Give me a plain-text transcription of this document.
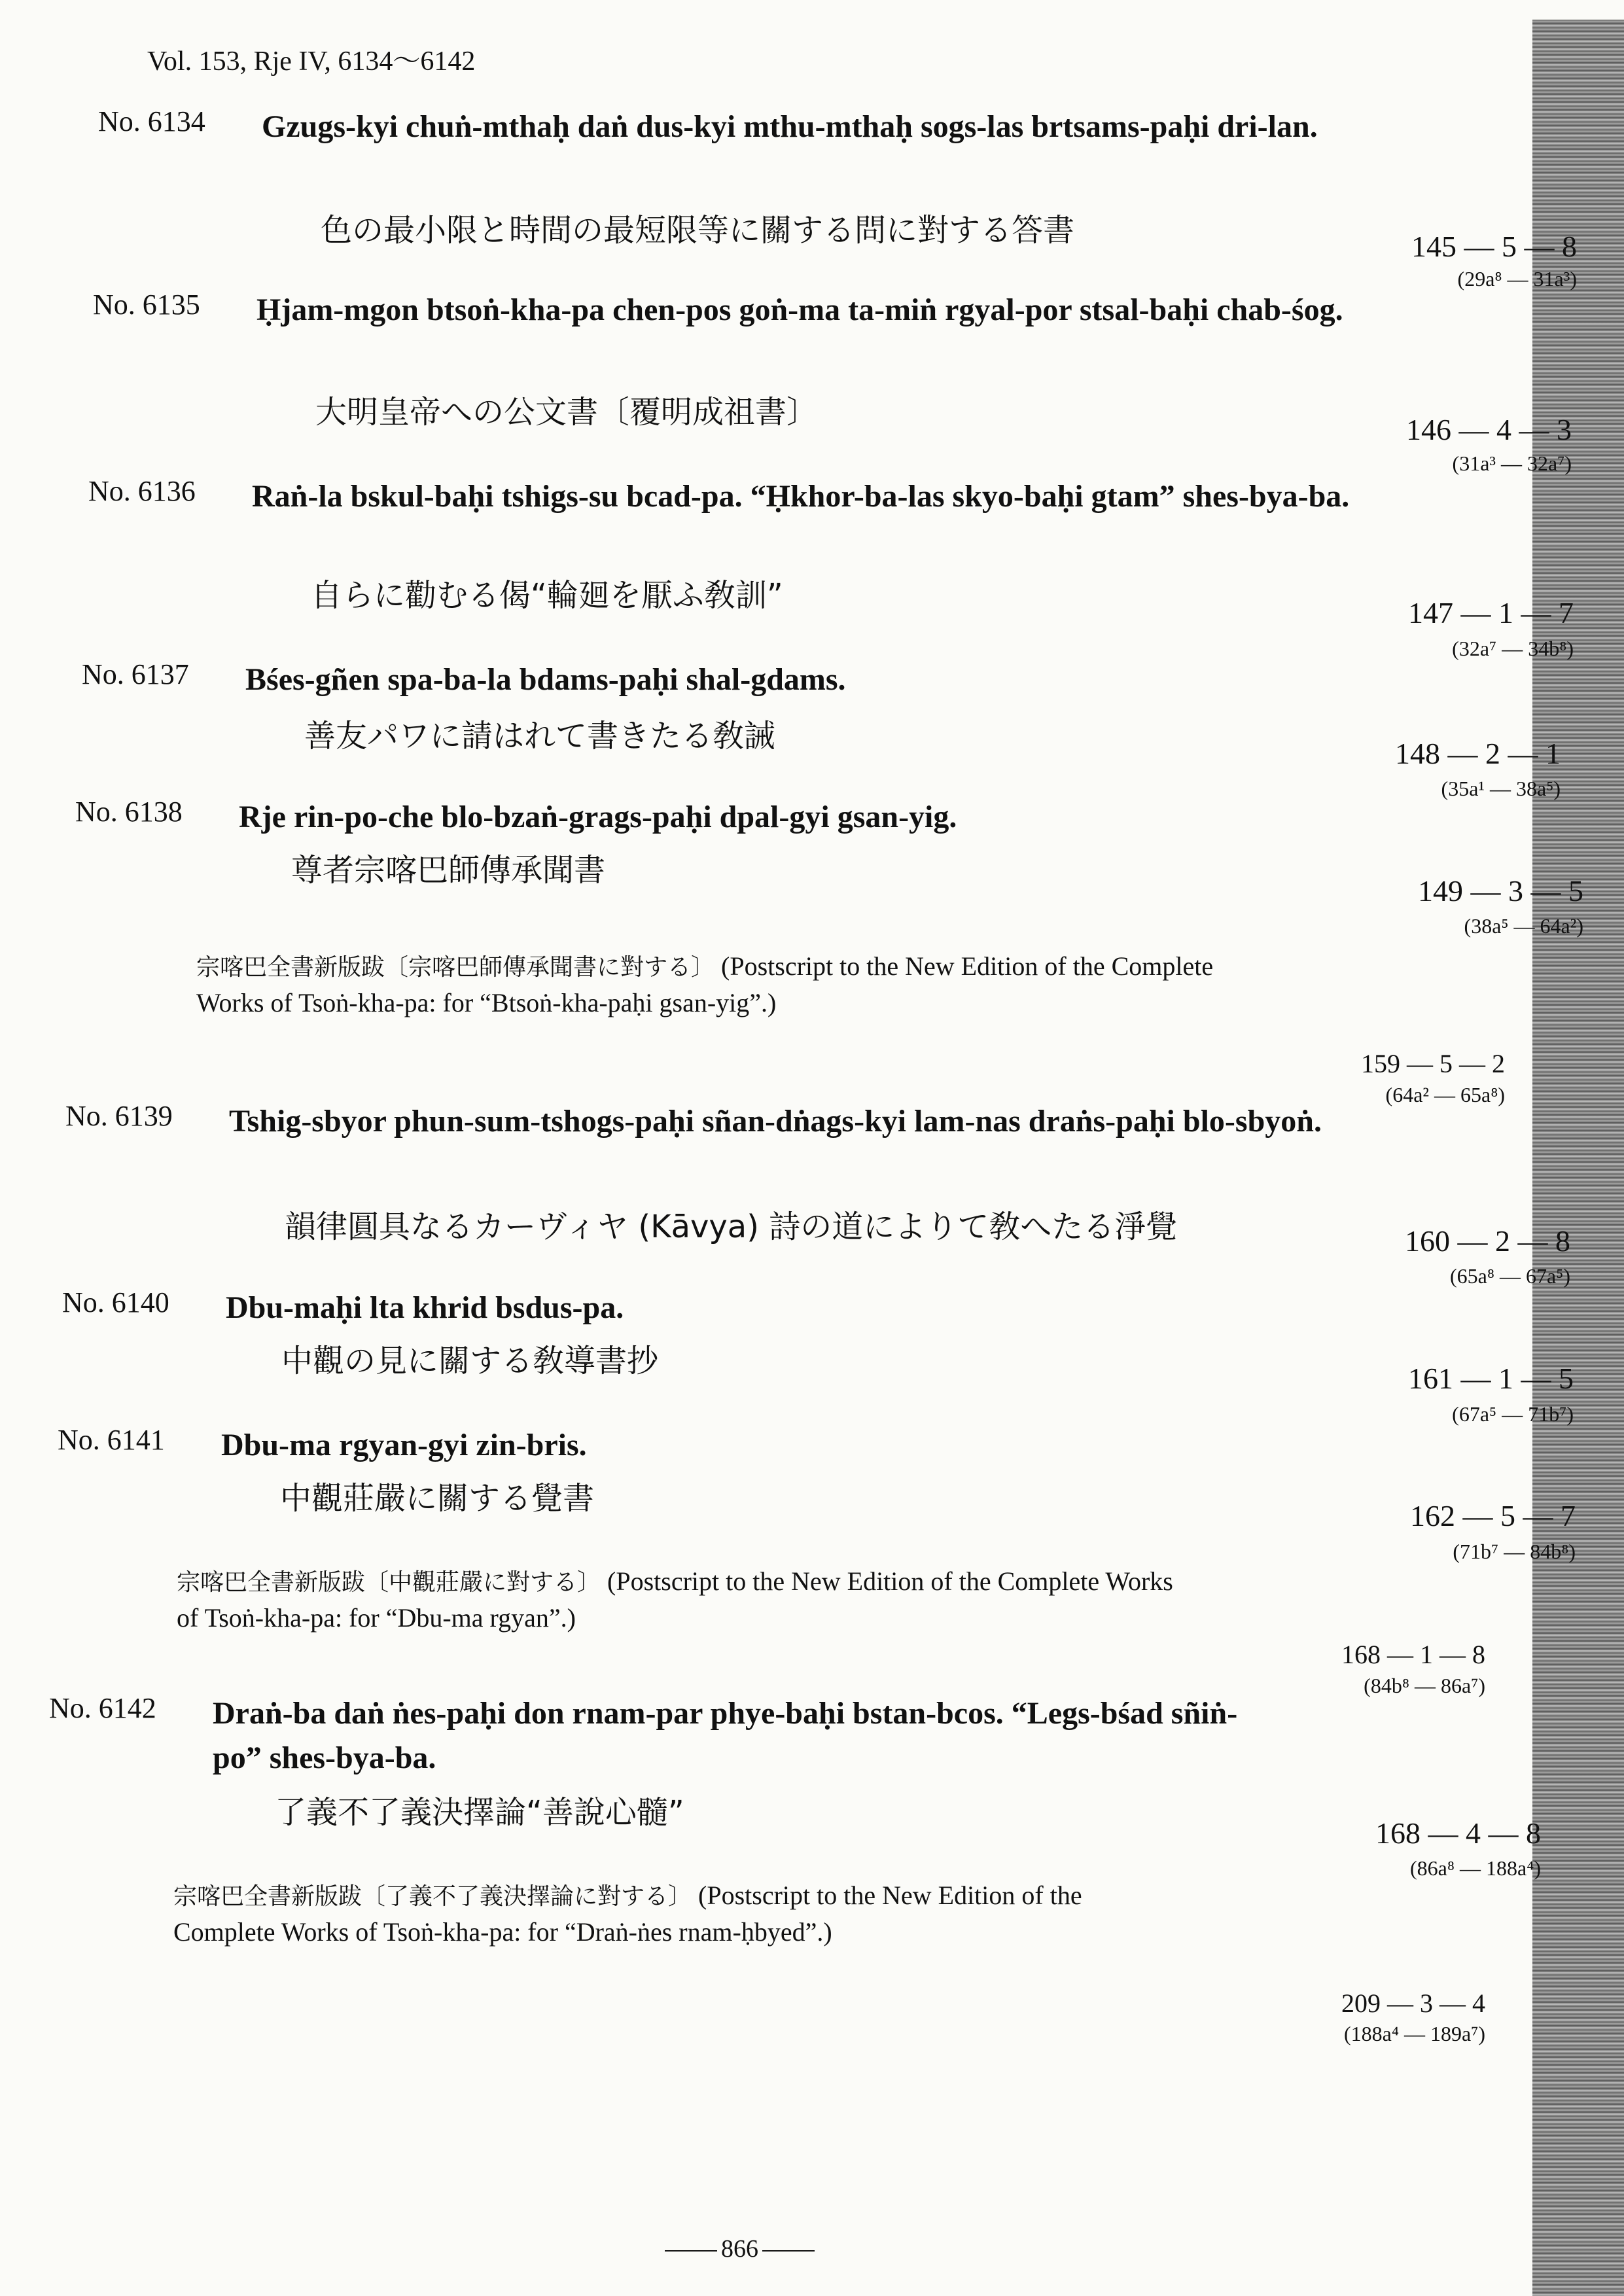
Vol. 153, Rje IV, 6134～6142
No. 6134 Gzugs-kyi chuṅ-mthaḥ daṅ dus-kyi mthu-mthaḥ sogs-las brtsams-paḥi dri-lan.
色の最小限と時間の最短限等に關する問に對する答書	145 — 5 — 8
(29a⁸ — 31a³)
No. 6135 Ḥjam-mgon btsoṅ-kha-pa chen-pos goṅ-ma ta-miṅ rgyal-por stsal-baḥi chab-śog.
大明皇帝への公文書〔覆明成祖書〕	146 — 4 — 3
(31a³ — 32a⁷)
No. 6136 Raṅ-la bskul-baḥi tshigs-su bcad-pa. “Ḥkhor-ba-las skyo-baḥi gtam” shes-bya-ba.
自らに勸むる偈“輪廻を厭ふ敎訓”	147 — 1 — 7
(32a⁷ — 34b⁸)
No. 6137 Bśes-gñen spa-ba-la bdams-paḥi shal-gdams.
善友パワに請はれて書きたる敎誡	148 — 2 — 1
(35a¹ — 38a⁵)
No. 6138 Rje rin-po-che blo-bzaṅ-grags-paḥi dpal-gyi gsan-yig.
尊者宗喀巴師傳承聞書
149 — 3 — 5
(38a⁵ — 64a²)
宗喀巴全書新版跋〔宗喀巴師傳承聞書に對する〕 (Postscript to the New Edition of the Complete Works of Tsoṅ-kha-pa: for “Btsoṅ-kha-paḥi gsan-yig”.)
159 — 5 — 2
(64a² — 65a⁸)
No. 6139 Tshig-sbyor phun-sum-tshogs-paḥi sñan-dṅags-kyi lam-nas draṅs-paḥi blo-sbyoṅ.
韻律圓具なるカーヴィヤ (Kāvya) 詩の道によりて敎へたる淨覺	160 — 2 — 8
(65a⁸ — 67a⁵)
No. 6140 Dbu-maḥi lta khrid bsdus-pa.
中觀の見に關する敎導書抄	161 — 1 — 5
(67a⁵ — 71b⁷)
No. 6141 Dbu-ma rgyan-gyi zin-bris.
中觀莊嚴に關する覺書	162 — 5 — 7
(71b⁷ — 84b⁸)
宗喀巴全書新版跋〔中觀莊嚴に對する〕 (Postscript to the New Edition of the Complete Works of Tsoṅ-kha-pa: for “Dbu-ma rgyan”.)
168 — 1 — 8
(84b⁸ — 86a⁷)
No. 6142 Draṅ-ba daṅ ṅes-paḥi don rnam-par phye-baḥi bstan-bcos. “Legs-bśad sñiṅ-po” shes-bya-ba.
了義不了義決擇論“善說心髓”
168 — 4 — 8
(86a⁸ — 188a⁴)
宗喀巴全書新版跋〔了義不了義決擇論に對する〕 (Postscript to the New Edition of the Complete Works of Tsoṅ-kha-pa: for “Draṅ-ṅes rnam-ḥbyed”.)
209 — 3 — 4
(188a⁴ — 189a⁷)
866
